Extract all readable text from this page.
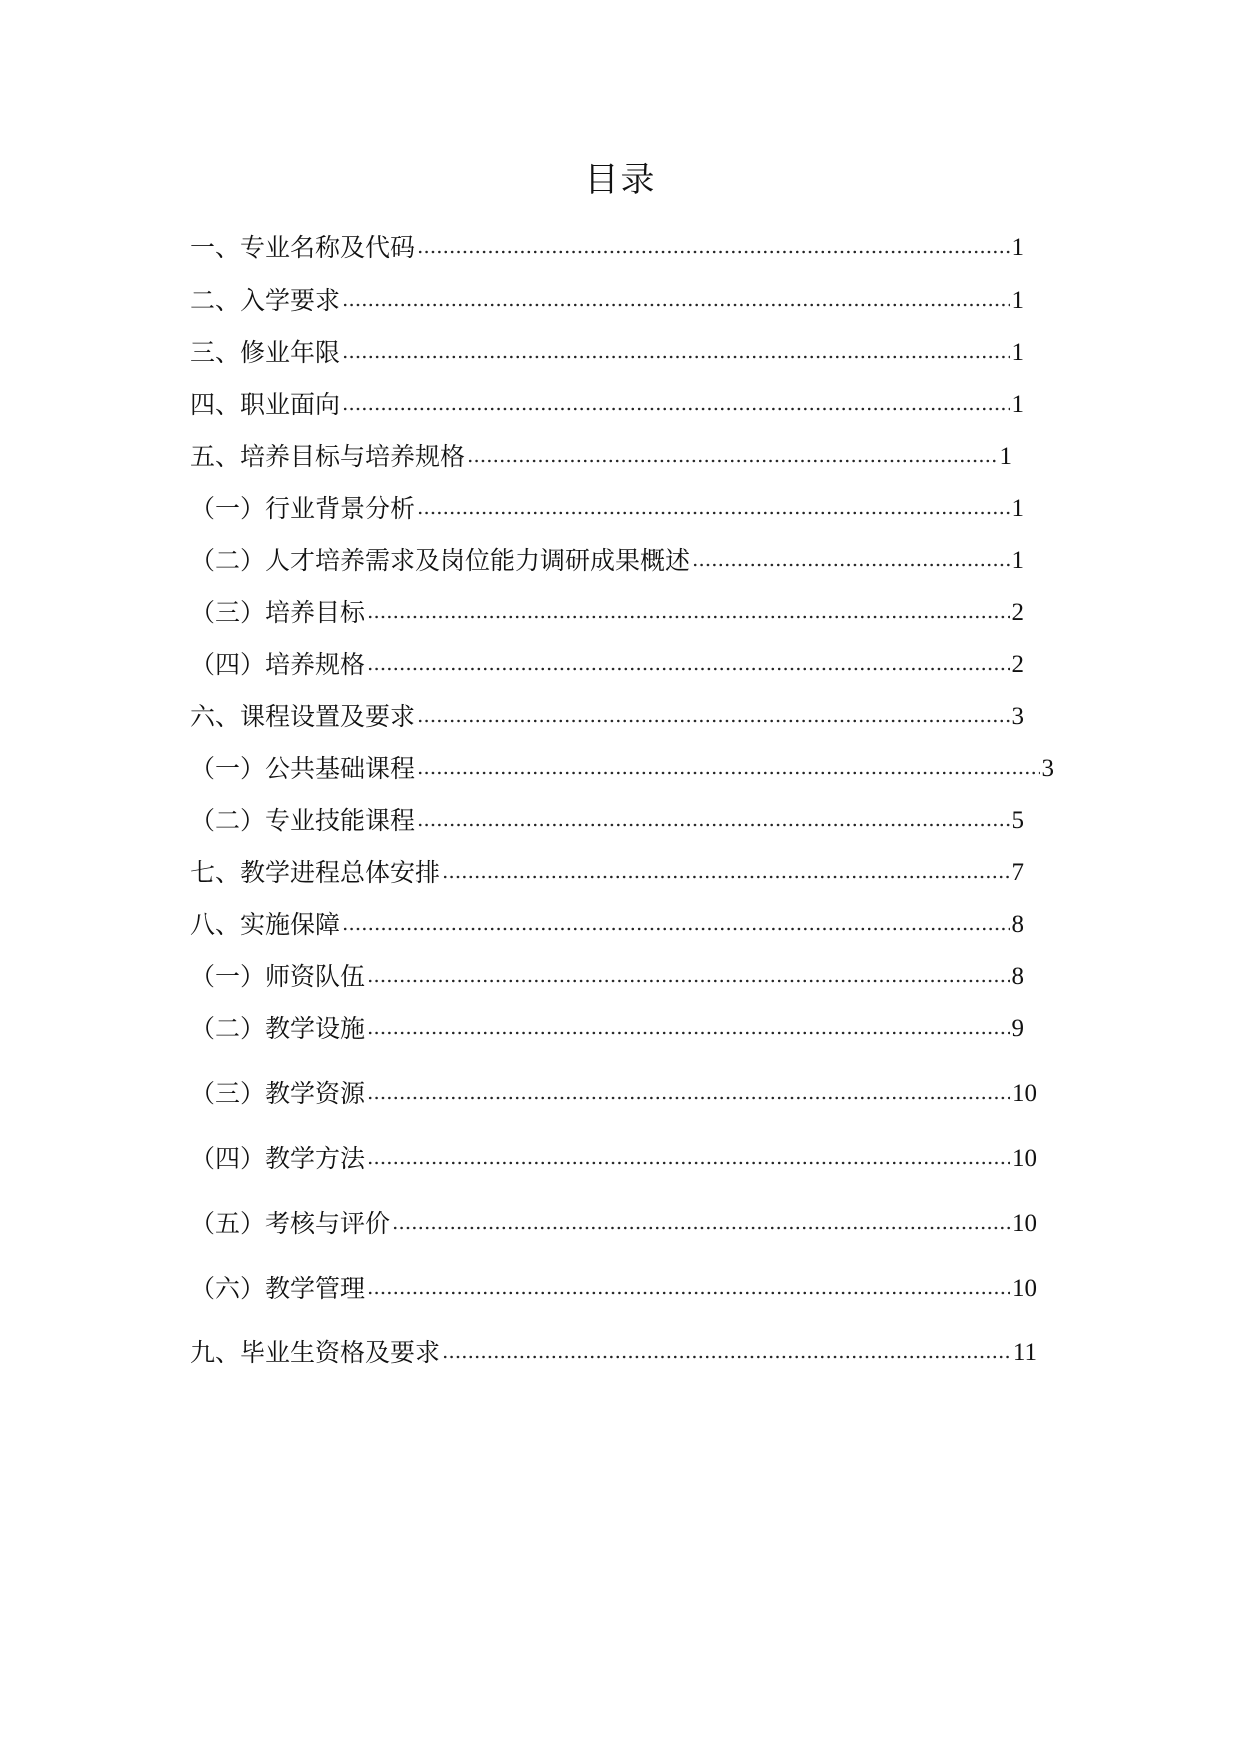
目录
一、专业名称及代码	1
二、入学要求	1
三、修业年限	1
四、职业面向	1
五、培养目标与培养规格	1
（一）行业背景分析	1
（二）人才培养需求及岗位能力调研成果概述	1
（三）培养目标	2
（四）培养规格	2
六、课程设置及要求	3
（一）公共基础课程	3
（二）专业技能课程	5
七、教学进程总体安排	7
八、实施保障	8
（一）师资队伍	8
（二）教学设施	9
（三）教学资源	10
（四）教学方法	10
（五）考核与评价	10
（六）教学管理	10
九、毕业生资格及要求	11
